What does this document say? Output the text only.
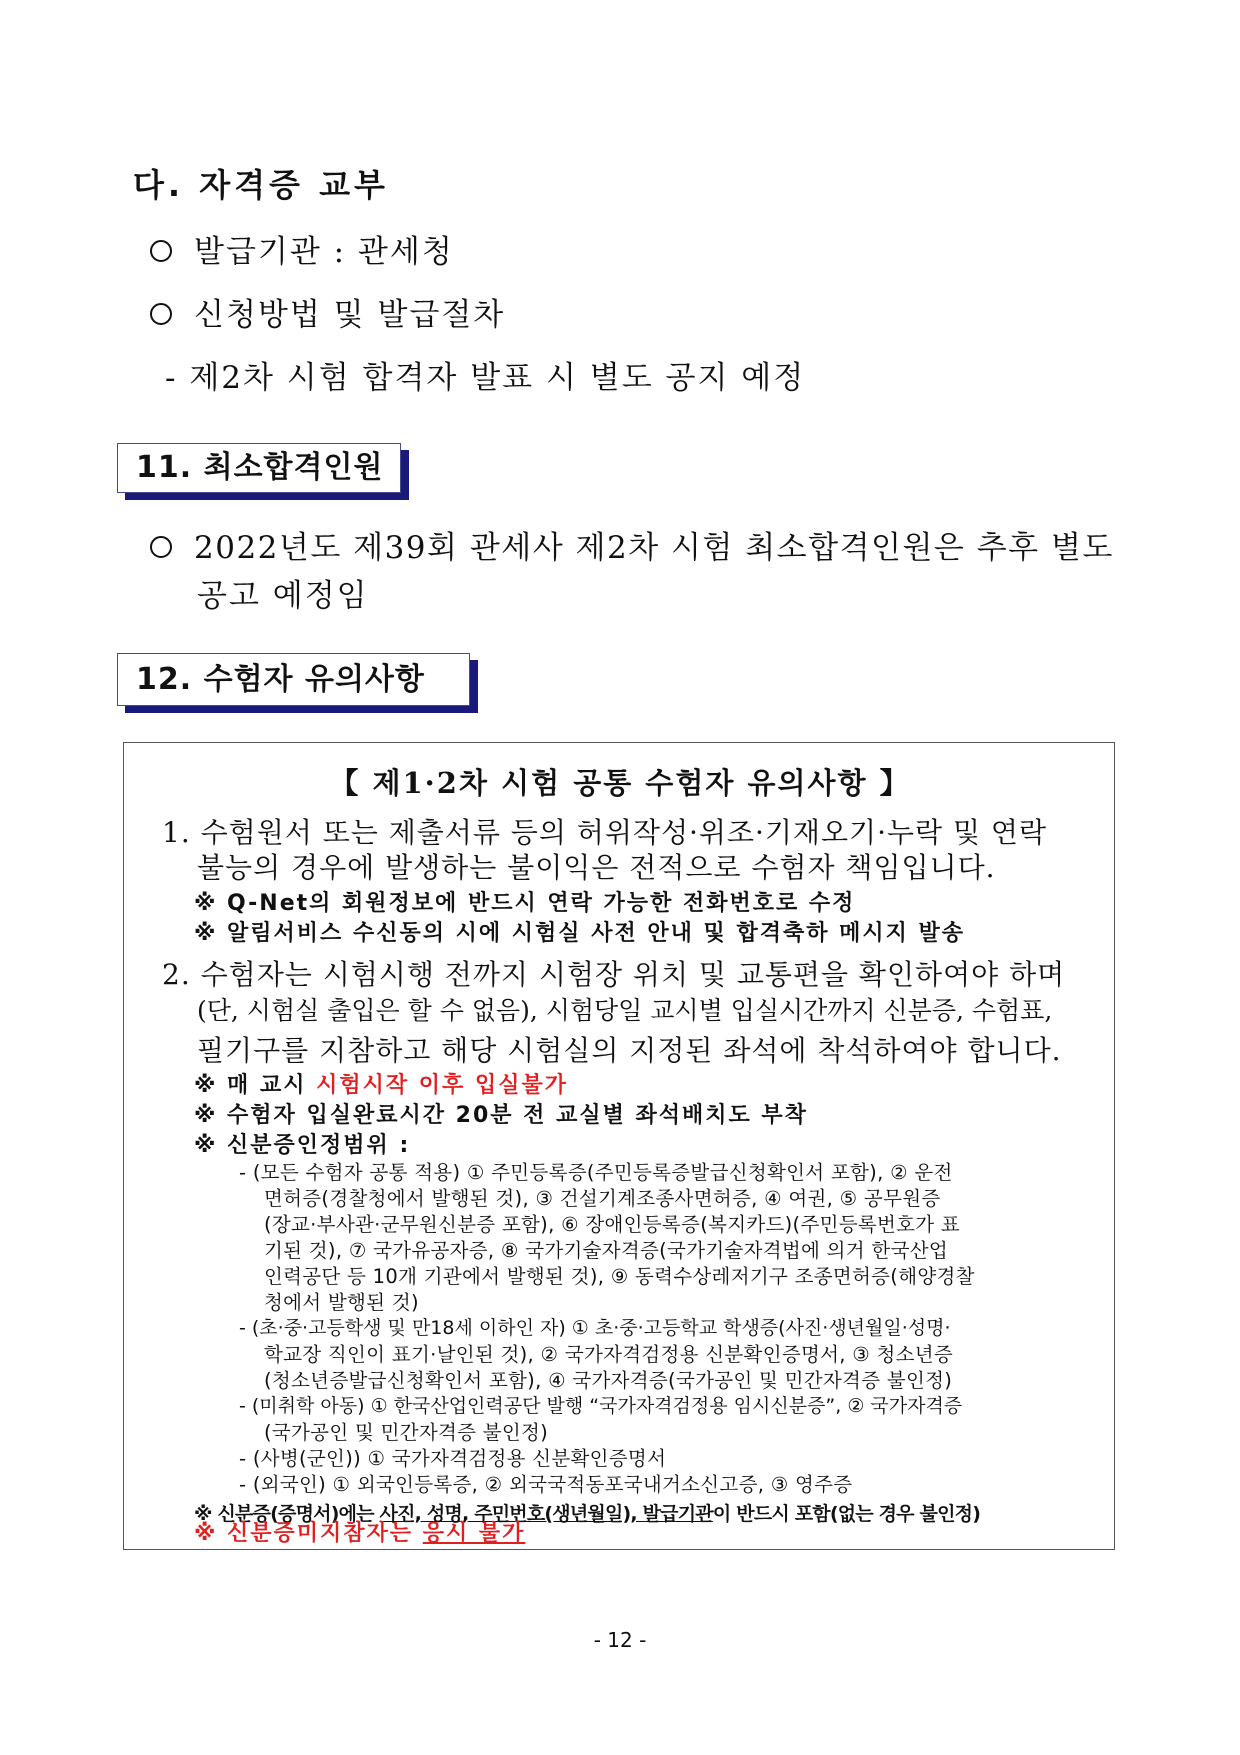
다. 자격증 교부
발급기관 : 관세청
신청방법 및 발급절차
- 제2차 시험 합격자 발표 시 별도 공지 예정
11. 최소합격인원
2022년도 제39회 관세사 제2차 시험 최소합격인원은 추후 별도
공고 예정임
12. 수험자 유의사항
【 제1·2차 시험 공통 수험자 유의사항 】
1. 수험원서 또는 제출서류 등의 허위작성·위조·기재오기·누락 및 연락
불능의 경우에 발생하는 불이익은 전적으로 수험자 책임입니다.
※ Q-Net의 회원정보에 반드시 연락 가능한 전화번호로 수정
※ 알림서비스 수신동의 시에 시험실 사전 안내 및 합격축하 메시지 발송
2. 수험자는 시험시행 전까지 시험장 위치 및 교통편을 확인하여야 하며
(단, 시험실 출입은 할 수 없음), 시험당일 교시별 입실시간까지 신분증, 수험표,
필기구를 지참하고 해당 시험실의 지정된 좌석에 착석하여야 합니다.
※ 매 교시 시험시작 이후 입실불가
※ 수험자 입실완료시간 20분 전 교실별 좌석배치도 부착
※ 신분증인정범위 :
- (모든 수험자 공통 적용) ① 주민등록증(주민등록증발급신청확인서 포함), ② 운전
면허증(경찰청에서 발행된 것), ③ 건설기계조종사면허증, ④ 여권, ⑤ 공무원증
(장교·부사관·군무원신분증 포함), ⑥ 장애인등록증(복지카드)(주민등록번호가 표
기된 것), ⑦ 국가유공자증, ⑧ 국가기술자격증(국가기술자격법에 의거 한국산업
인력공단 등 10개 기관에서 발행된 것), ⑨ 동력수상레저기구 조종면허증(해양경찰
청에서 발행된 것)
- (초·중·고등학생 및 만18세 이하인 자) ① 초·중·고등학교 학생증(사진·생년월일·성명·
학교장 직인이 표기·날인된 것), ② 국가자격검정용 신분확인증명서, ③ 청소년증
(청소년증발급신청확인서 포함), ④ 국가자격증(국가공인 및 민간자격증 불인정)
- (미취학 아동) ① 한국산업인력공단 발행 “국가자격검정용 임시신분증”, ② 국가자격증
(국가공인 및 민간자격증 불인정)
- (사병(군인)) ① 국가자격검정용 신분확인증명서
- (외국인) ① 외국인등록증, ② 외국국적동포국내거소신고증, ③ 영주증
※ 신분증(증명서)에는 사진, 성명, 주민번호(생년월일), 발급기관이 반드시 포함(없는 경우 불인정)
※ 신분증미지참자는 응시 불가
- 12 -
